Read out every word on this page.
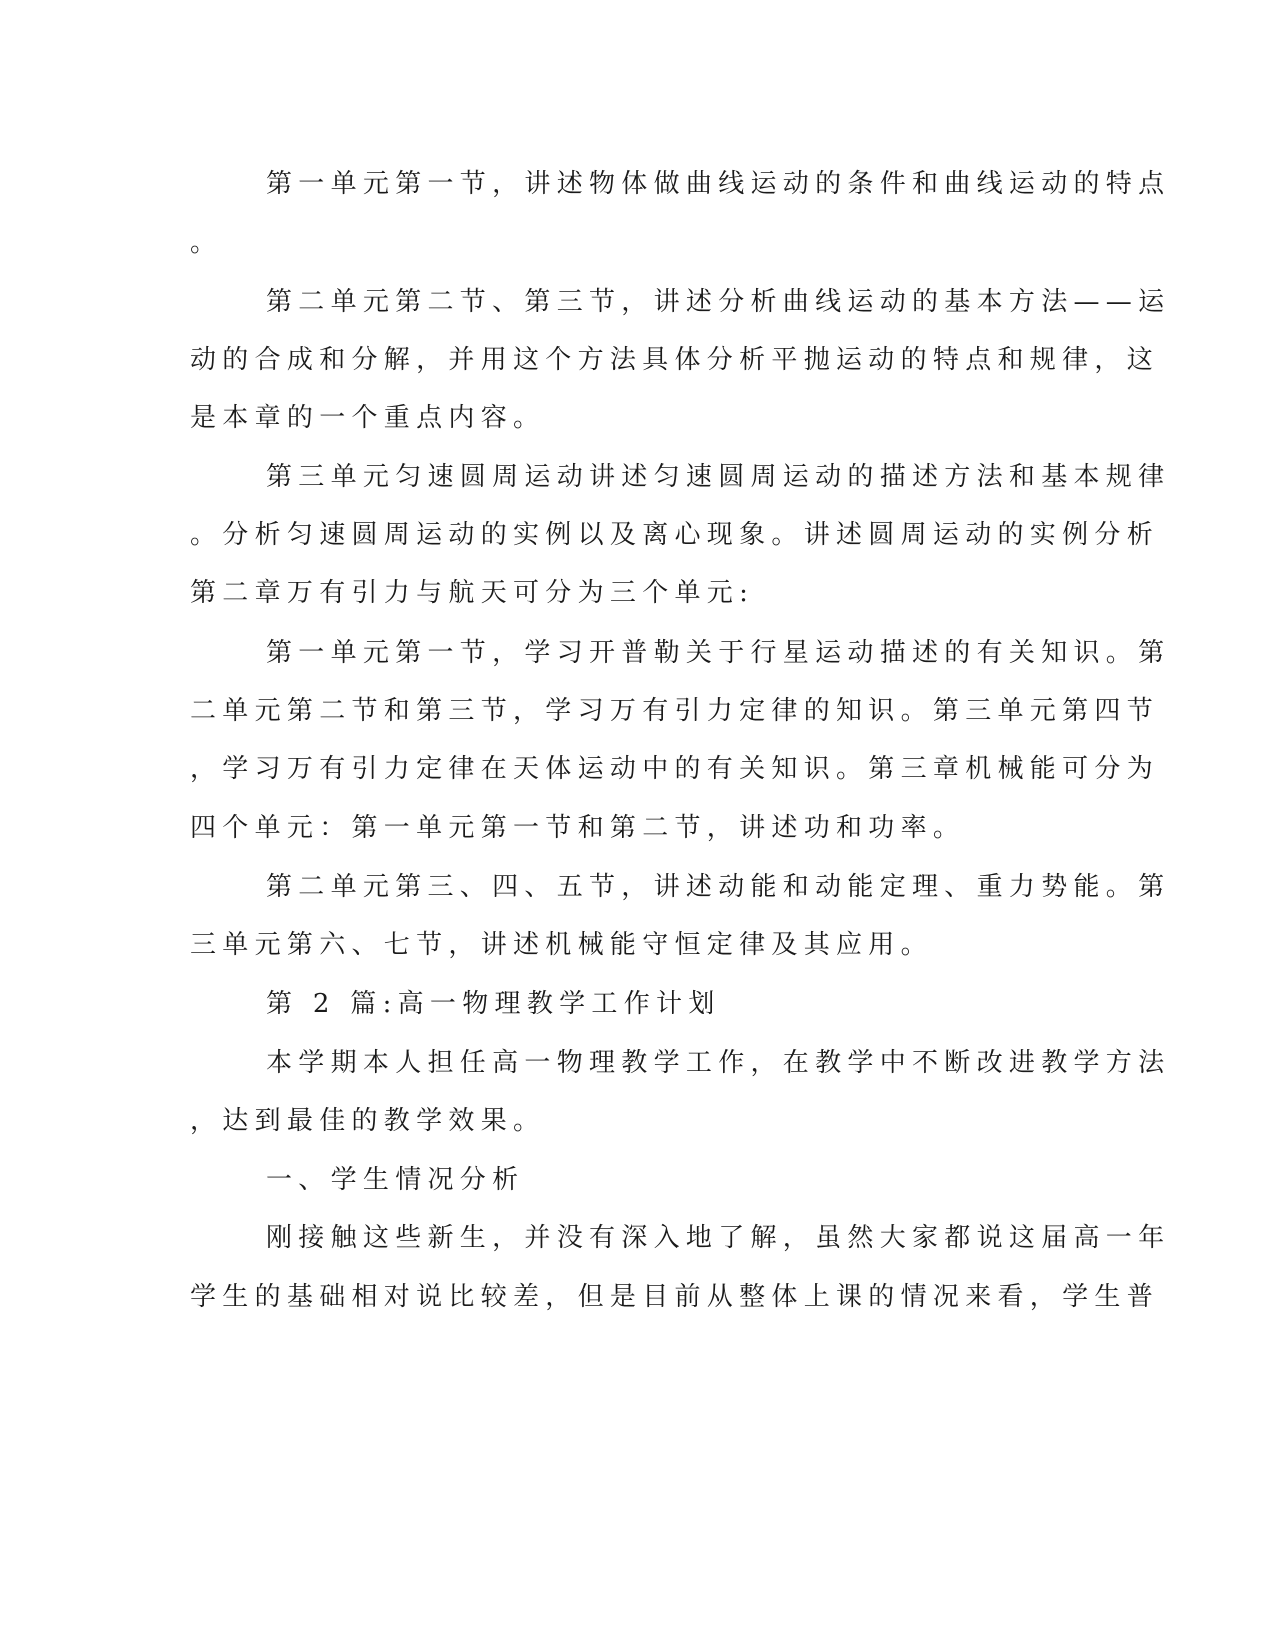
第一单元第一节，讲述物体做曲线运动的条件和曲线运动的特点
。
第二单元第二节、第三节，讲述分析曲线运动的基本方法——运
动的合成和分解，并用这个方法具体分析平抛运动的特点和规律，这
是本章的一个重点内容。
第三单元匀速圆周运动讲述匀速圆周运动的描述方法和基本规律
。分析匀速圆周运动的实例以及离心现象。讲述圆周运动的实例分析
第二章万有引力与航天可分为三个单元:
第一单元第一节，学习开普勒关于行星运动描述的有关知识。第
二单元第二节和第三节，学习万有引力定律的知识。第三单元第四节
，学习万有引力定律在天体运动中的有关知识。第三章机械能可分为
四个单元：第一单元第一节和第二节，讲述功和功率。
第二单元第三、四、五节，讲述动能和动能定理、重力势能。第
三单元第六、七节，讲述机械能守恒定律及其应用。
第 2 篇:高一物理教学工作计划
本学期本人担任高一物理教学工作，在教学中不断改进教学方法
，达到最佳的教学效果。
一、学生情况分析
刚接触这些新生，并没有深入地了解，虽然大家都说这届高一年
学生的基础相对说比较差，但是目前从整体上课的情况来看，学生普
